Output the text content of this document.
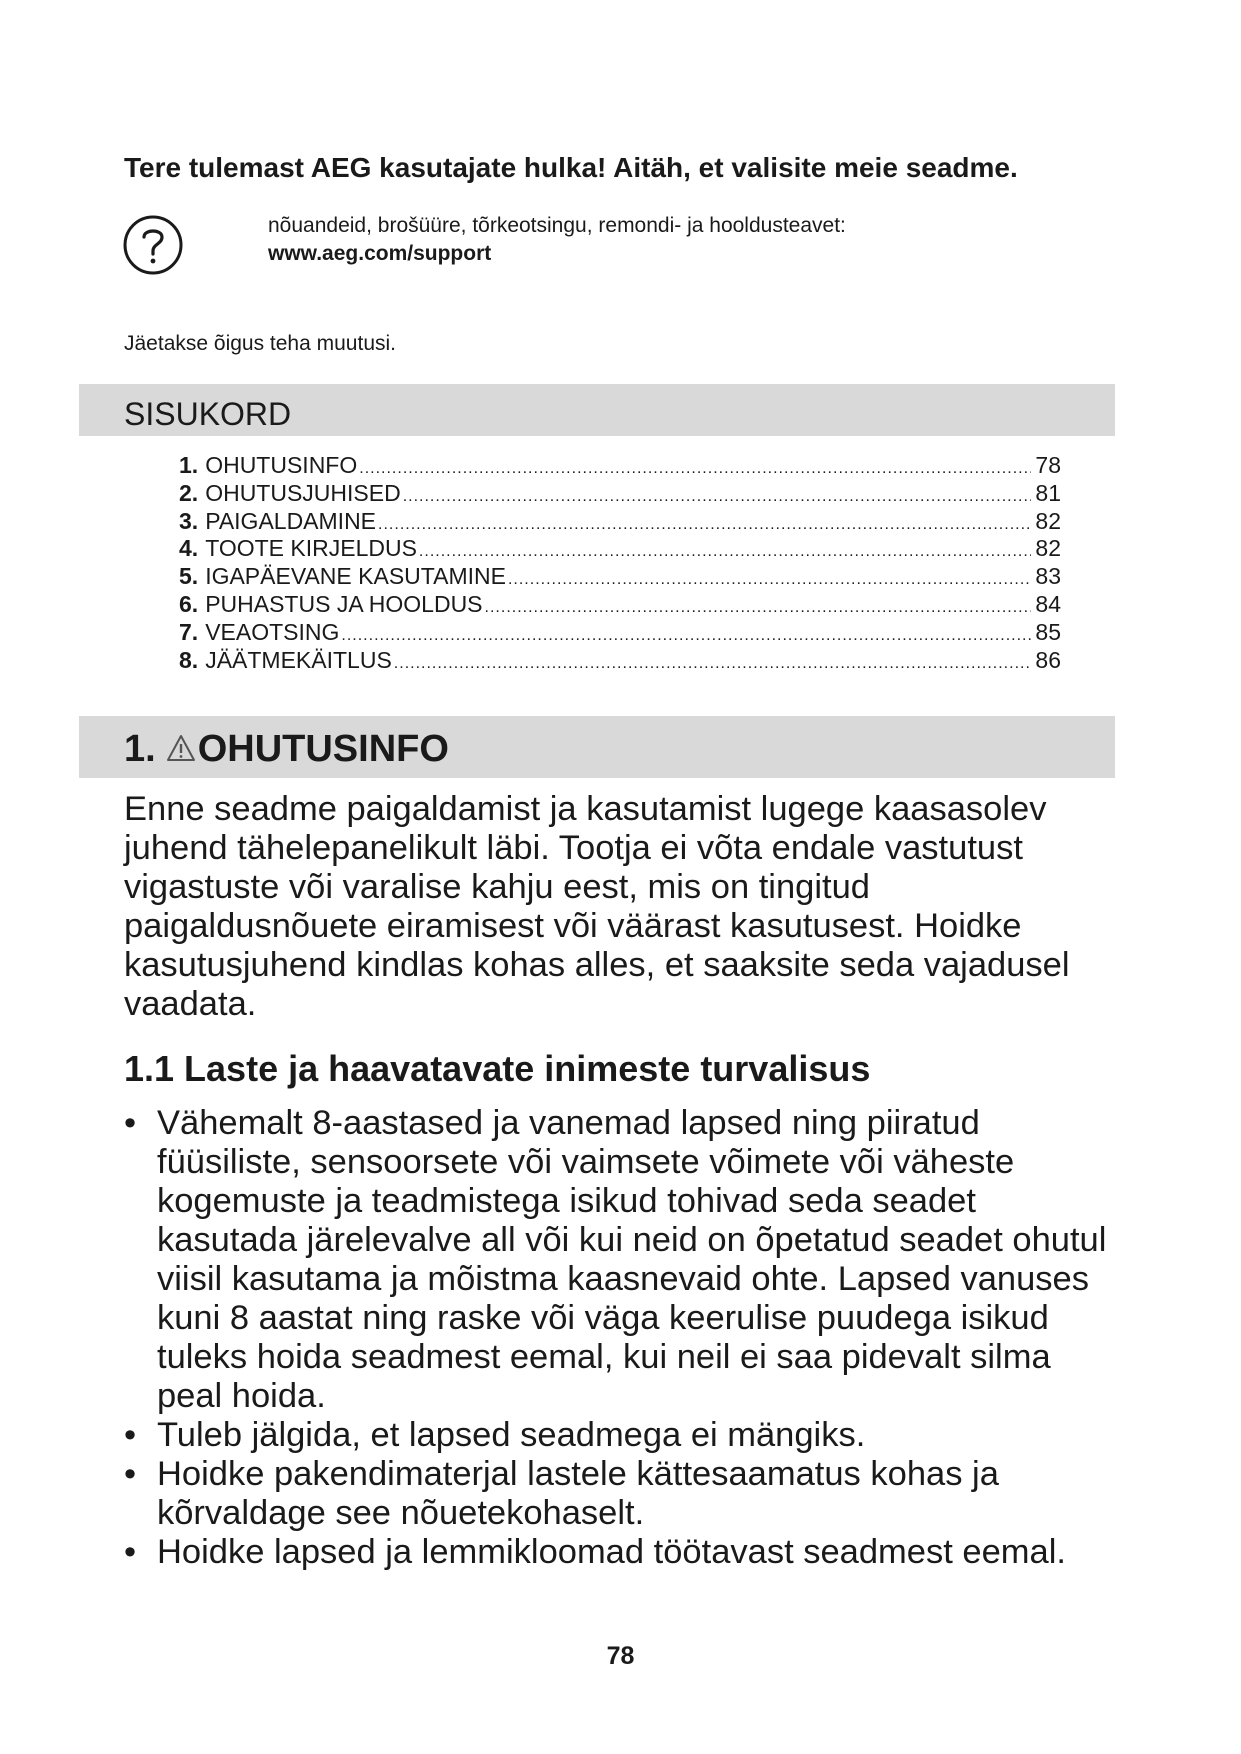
Tere tulemast AEG kasutajate hulka! Aitäh, et valisite meie seadme.
nõuandeid, brošüüre, tõrkeotsingu, remondi- ja hooldusteavet:
www.aeg.com/support
Jäetakse õigus teha muutusi.
SISUKORD
1. OHUTUSINFO .....	78
2. OHUTUSJUHISED .....	81
3. PAIGALDAMINE .....	82
4. TOOTE KIRJELDUS .....	82
5. IGAPÄEVANE KASUTAMINE .....	83
6. PUHASTUS JA HOOLDUS .....	84
7. VEAOTSING .....	85
8. JÄÄTMEKÄITLUS .....	86
1. OHUTUSINFO

Enne seadme paigaldamist ja kasutamist lugege kaasasolev juhend tähelepanelikult läbi. Tootja ei võta endale vastutust vigastuste või varalise kahju eest, mis on tingitud paigaldusnõuete eiramisest või väärast kasutusest. Hoidke kasutusjuhend kindlas kohas alles, et saaksite seda vajadusel vaadata.

1.1 Laste ja haavatavate inimeste turvalisus
• Vähemalt 8-aastased ja vanemad lapsed ning piiratud füüsiliste, sensoorsete või vaimsete võimete või väheste kogemuste ja teadmistega isikud tohivad seda seadet kasutada järelevalve all või kui neid on õpetatud seadet ohutul viisil kasutama ja mõistma kaasnevaid ohte. Lapsed vanuses kuni 8 aastat ning raske või väga keerulise puudega isikud tuleks hoida seadmest eemal, kui neil ei saa pidevalt silma peal hoida.
• Tuleb jälgida, et lapsed seadmega ei mängiks.
• Hoidke pakendimaterjal lastele kättesaamatus kohas ja kõrvaldage see nõuetekohaselt.
• Hoidke lapsed ja lemmikloomad töötavast seadmest eemal.
78
